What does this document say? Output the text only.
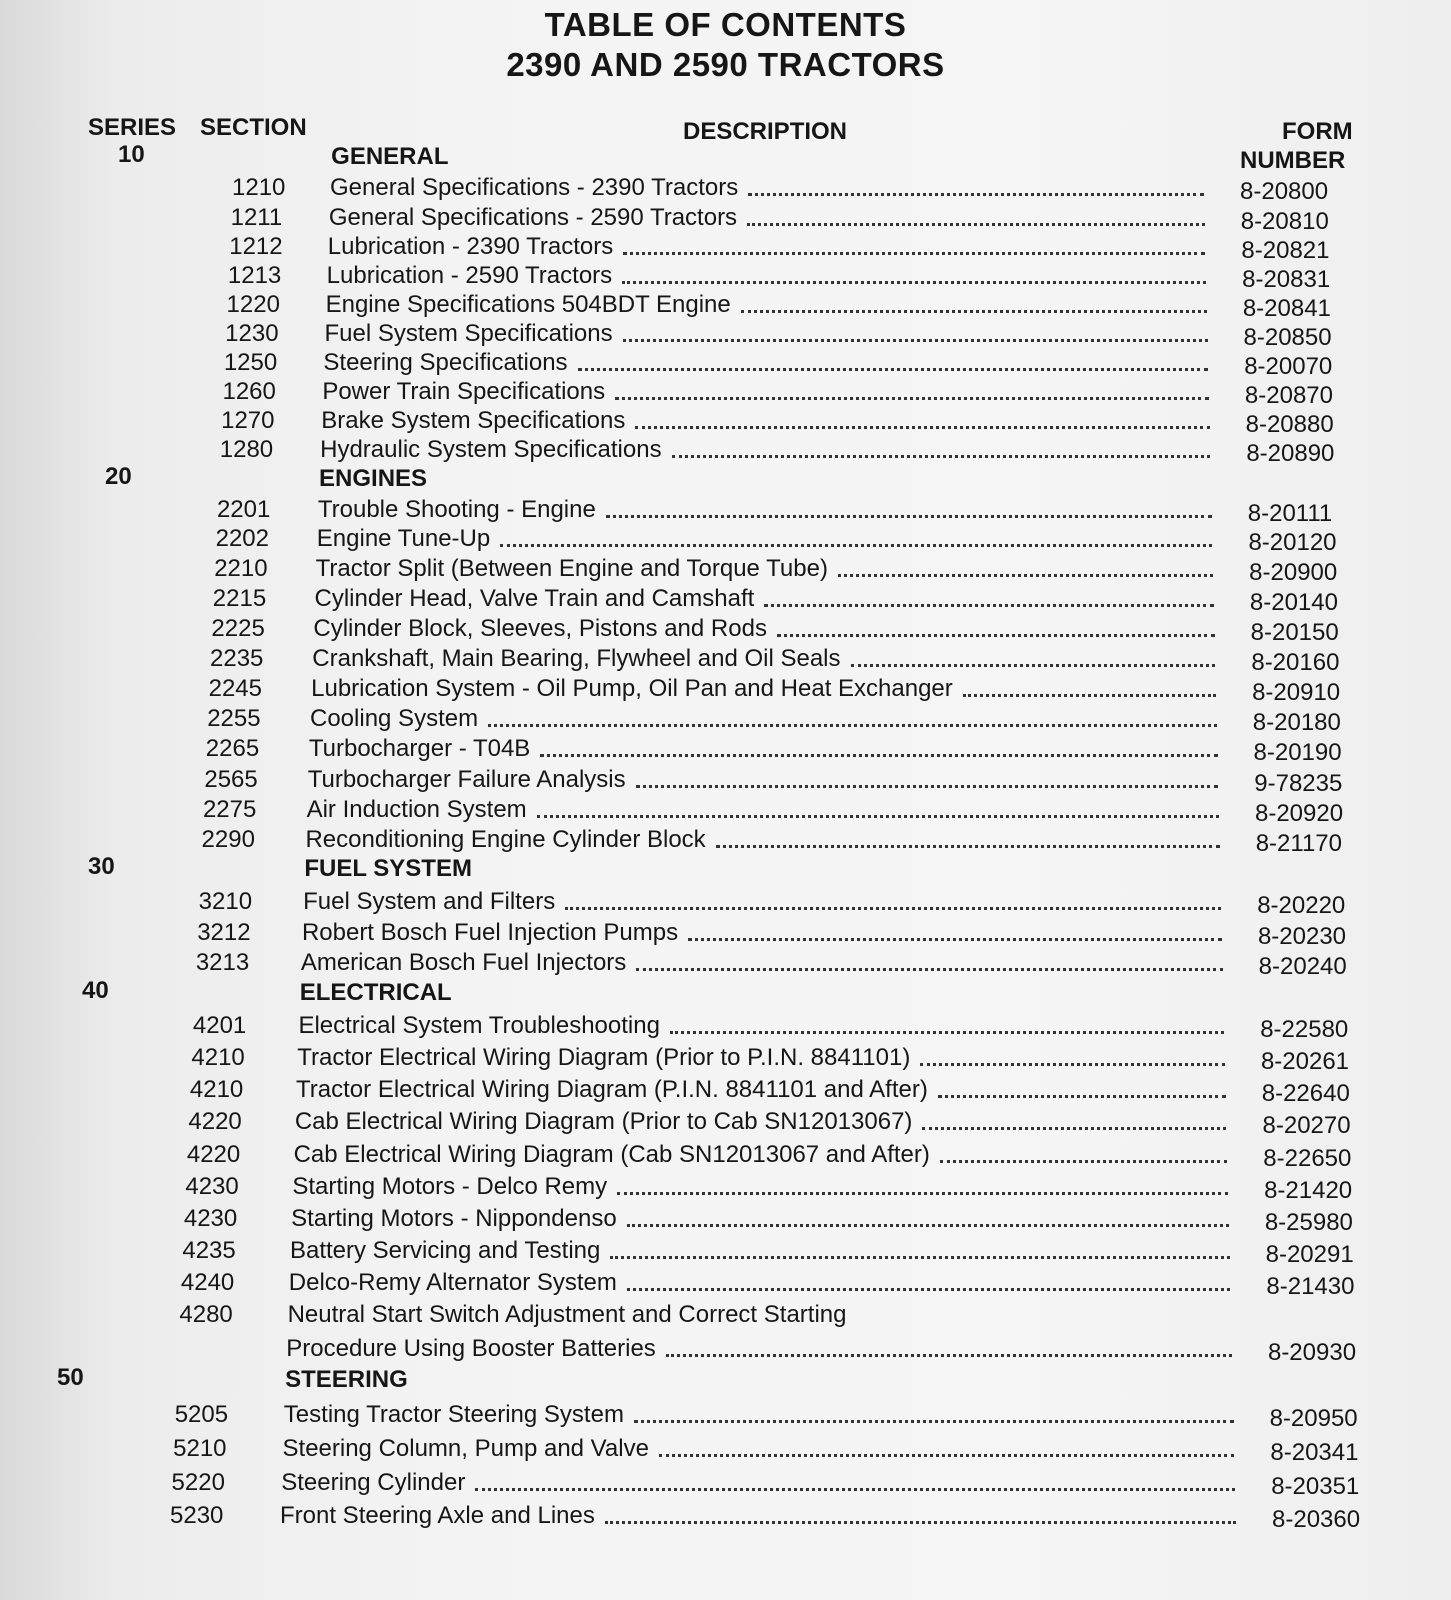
TABLE OF CONTENTS
2390 AND 2590 TRACTORS
SERIES SECTION	DESCRIPTION	FORM
NUMBER
10	GENERAL
1210 General Specifications - 2390 Tractors	8-20800
1211 General Specifications - 2590 Tractors	8-20810
1212 Lubrication - 2390 Tractors	8-20821
1213 Lubrication - 2590 Tractors	8-20831
1220 Engine Specifications 504BDT Engine	8-20841
1230 Fuel System Specifications	8-20850
1250 Steering Specifications	8-20070
1260 Power Train Specifications	8-20870
1270 Brake System Specifications	8-20880
1280 Hydraulic System Specifications	8-20890
20	ENGINES
2201 Trouble Shooting - Engine	8-20111
2202 Engine Tune-Up	8-20120
2210 Tractor Split (Between Engine and Torque Tube)	8-20900
2215 Cylinder Head, Valve Train and Camshaft	8-20140
2225 Cylinder Block, Sleeves, Pistons and Rods	8-20150
2235 Crankshaft, Main Bearing, Flywheel and Oil Seals	8-20160
2245 Lubrication System - Oil Pump, Oil Pan and Heat Exchanger	8-20910
2255 Cooling System	8-20180
2265 Turbocharger - T04B	8-20190
2565 Turbocharger Failure Analysis	9-78235
2275 Air Induction System	8-20920
2290 Reconditioning Engine Cylinder Block	8-21170
30	FUEL SYSTEM
3210 Fuel System and Filters	8-20220
3212 Robert Bosch Fuel Injection Pumps	8-20230
3213 American Bosch Fuel Injectors	8-20240
40	ELECTRICAL
4201 Electrical System Troubleshooting	8-22580
4210 Tractor Electrical Wiring Diagram (Prior to P.I.N. 8841101)	8-20261
4210 Tractor Electrical Wiring Diagram (P.I.N. 8841101 and After)	8-22640
4220 Cab Electrical Wiring Diagram (Prior to Cab SN12013067)	8-20270
4220 Cab Electrical Wiring Diagram (Cab SN12013067 and After)	8-22650
4230 Starting Motors - Delco Remy	8-21420
4230 Starting Motors - Nippondenso	8-25980
4235 Battery Servicing and Testing	8-20291
4240 Delco-Remy Alternator System	8-21430
4280 Neutral Start Switch Adjustment and Correct Starting
Procedure Using Booster Batteries	8-20930
50	STEERING
5205 Testing Tractor Steering System	8-20950
5210 Steering Column, Pump and Valve	8-20341
5220 Steering Cylinder	8-20351
5230 Front Steering Axle and Lines	8-20360
